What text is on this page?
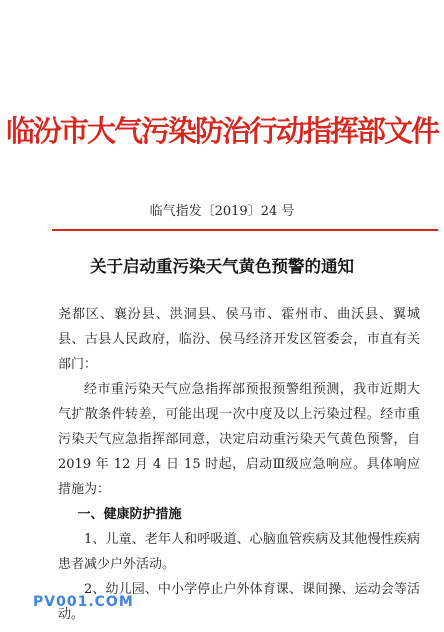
临汾市大气污染防治行动指挥部文件
临气指发〔2019〕24 号
关于启动重污染天气黄色预警的通知

尧都区、襄汾县、洪洞县、侯马市、霍州市、曲沃县、翼城县、古县人民政府，临汾、侯马经济开发区管委会，市直有关部门：

经市重污染天气应急指挥部预报预警组预测，我市近期大气扩散条件转差，可能出现一次中度及以上污染过程。经市重污染天气应急指挥部同意，决定启动重污染天气黄色预警，自 2019 年 12 月 4 日 15 时起，启动Ⅲ级应急响应。具体响应措施为：

一、健康防护措施

1、儿童、老年人和呼吸道、心脑血管疾病及其他慢性疾病患者减少户外活动。

2、幼儿园、中小学停止户外体育课、课间操、运动会等活动。

PV001.COM
